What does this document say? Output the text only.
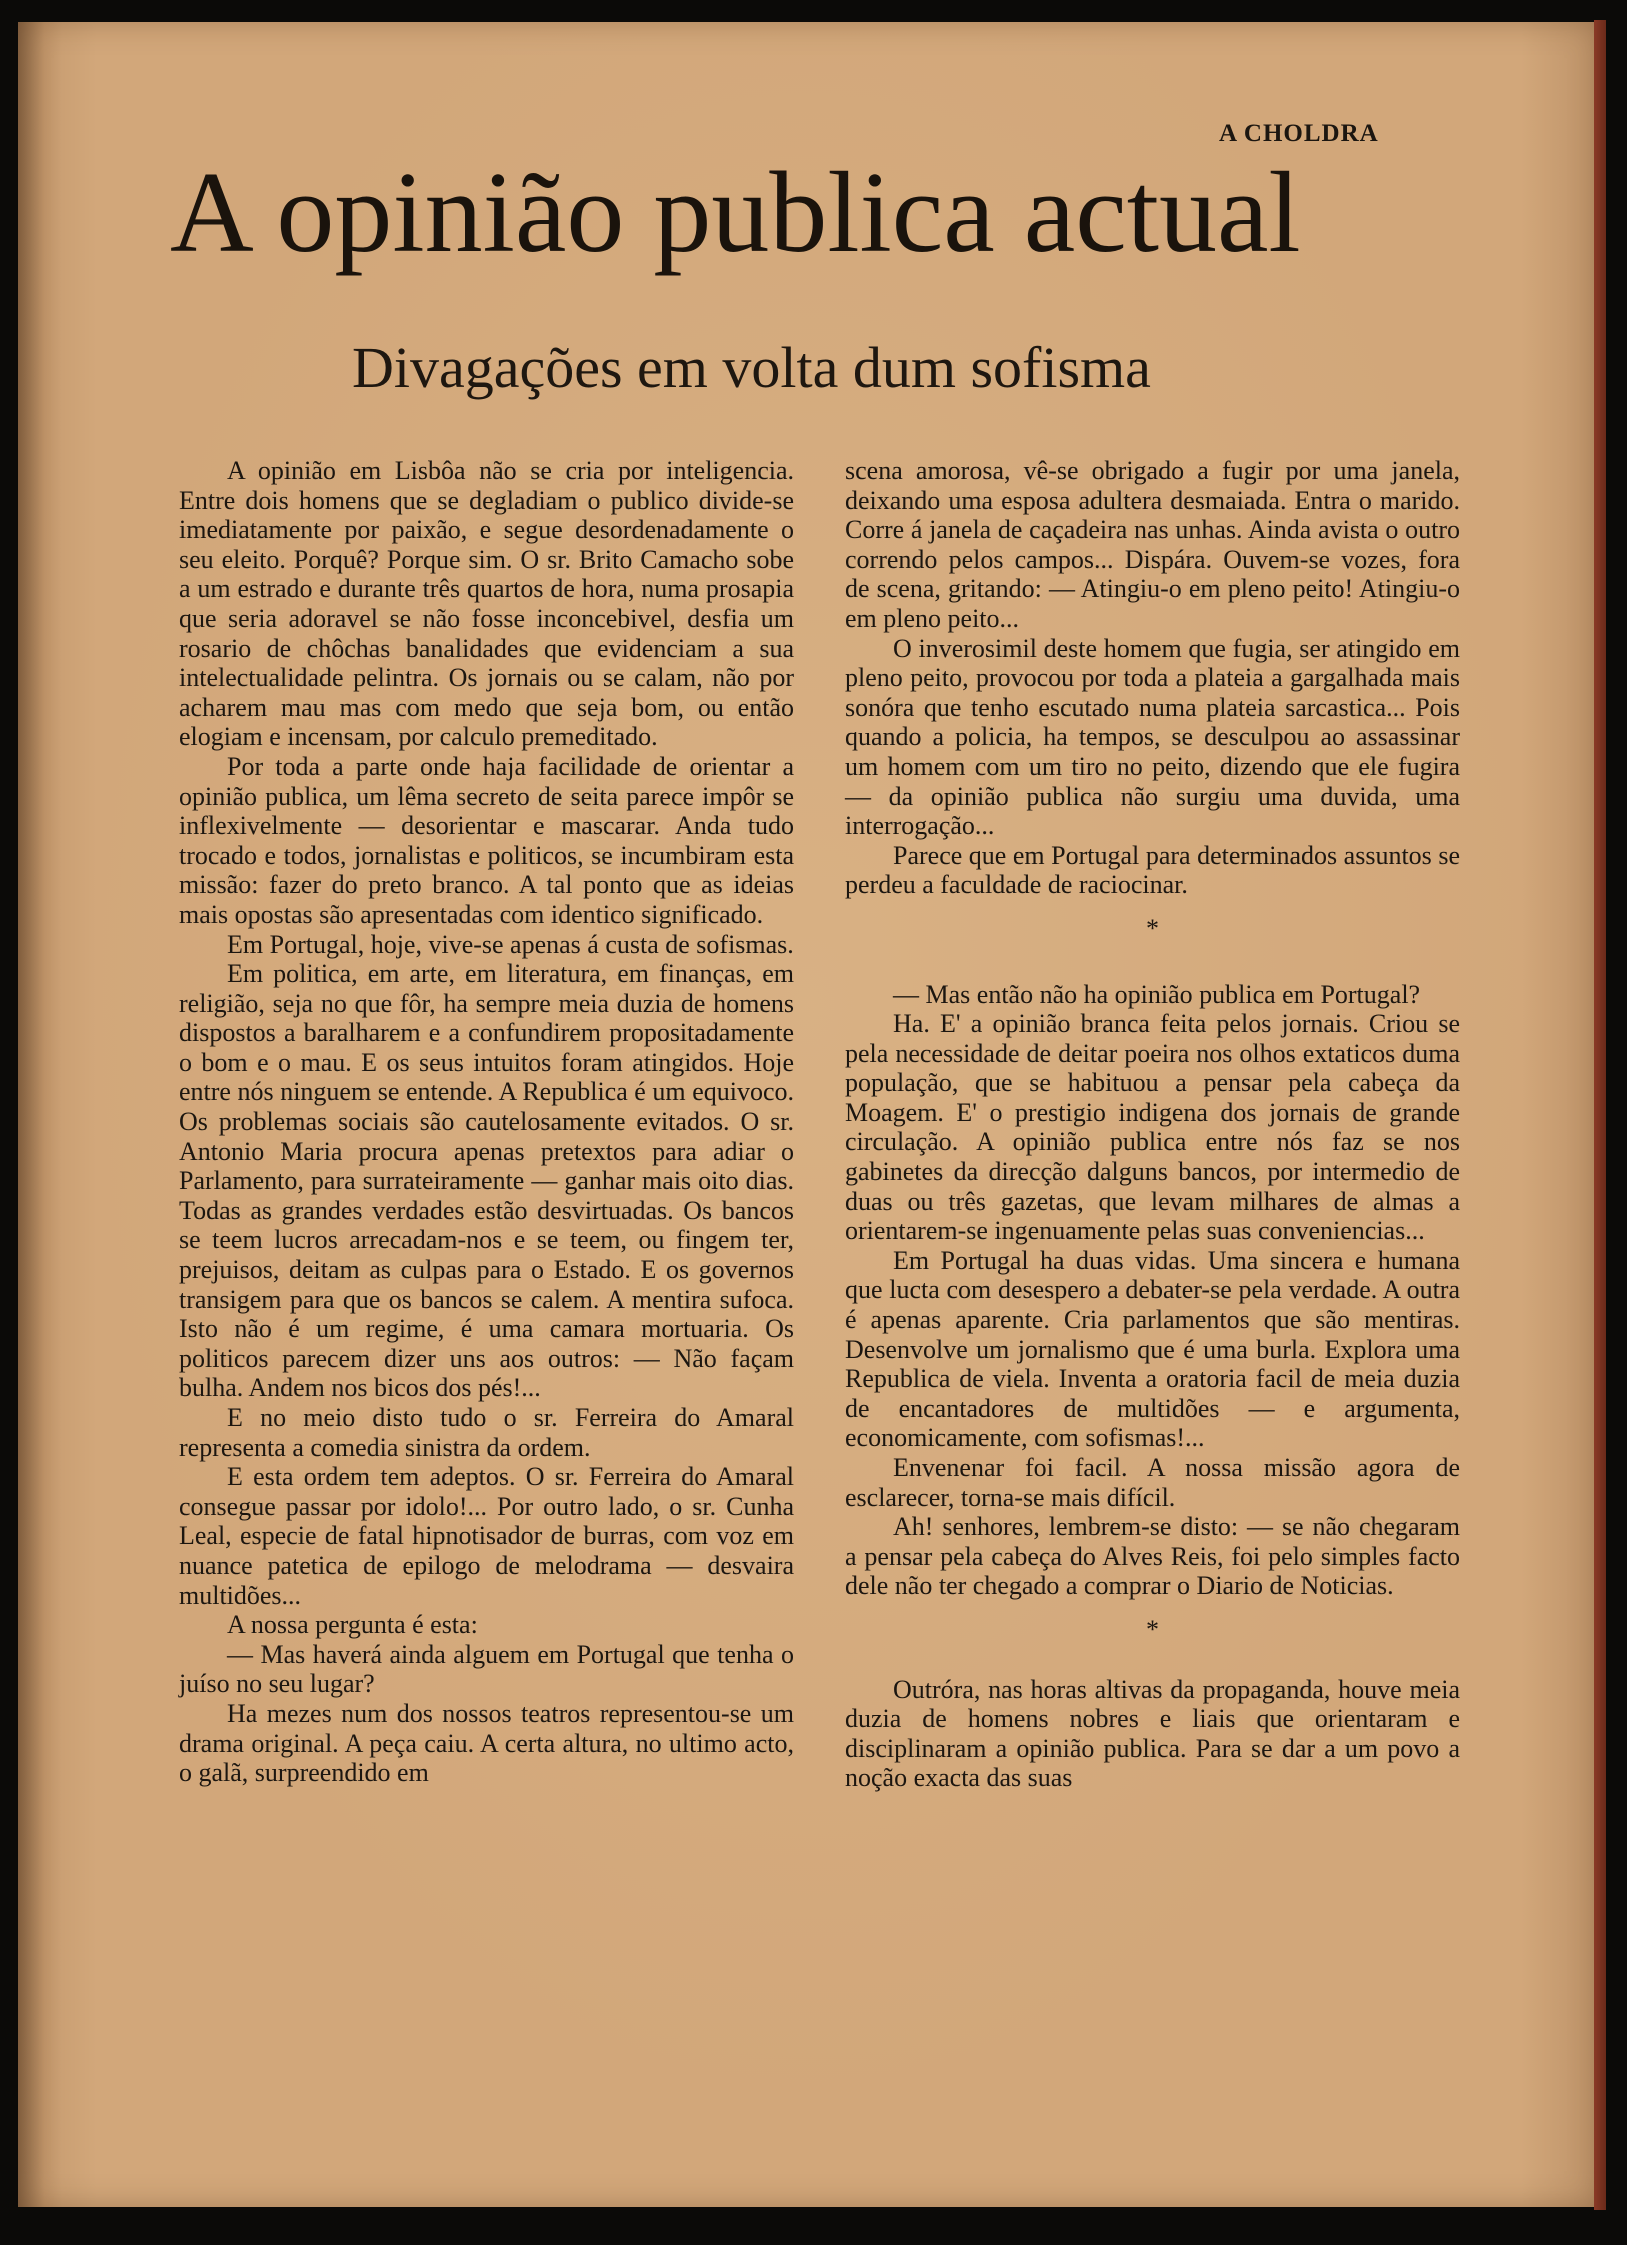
A CHOLDRA
A opinião publica actual
Divagações em volta dum sofisma

A opinião em Lisbôa não se cria por inteligencia. Entre dois homens que se degladiam o publico divide-se imediatamente por paixão, e segue desordenadamente o seu eleito. Porquê? Porque sim. O sr. Brito Camacho sobe a um estrado e durante três quartos de hora, numa prosapia que seria adoravel se não fosse inconcebivel, desfia um rosario de chôchas banalidades que evidenciam a sua intelectualidade pelintra. Os jornais ou se calam, não por acharem mau mas com medo que seja bom, ou então elogiam e incensam, por calculo premeditado.

Por toda a parte onde haja facilidade de orientar a opinião publica, um lêma secreto de seita parece impôr se inflexivelmente — desorientar e mascarar. Anda tudo trocado e todos, jornalistas e politicos, se incumbiram esta missão: fazer do preto branco. A tal ponto que as ideias mais opostas são apresentadas com identico significado.

Em Portugal, hoje, vive-se apenas á custa de sofismas.

Em politica, em arte, em literatura, em finanças, em religião, seja no que fôr, ha sempre meia duzia de homens dispostos a baralharem e a confundirem propositadamente o bom e o mau. E os seus intuitos foram atingidos. Hoje entre nós ninguem se entende. A Republica é um equivoco. Os problemas sociais são cautelosamente evitados. O sr. Antonio Maria procura apenas pretextos para adiar o Parlamento, para surrateiramente — ganhar mais oito dias. Todas as grandes verdades estão desvirtuadas. Os bancos se teem lucros arrecadam-nos e se teem, ou fingem ter, prejuisos, deitam as culpas para o Estado. E os governos transigem para que os bancos se calem. A mentira sufoca. Isto não é um regime, é uma camara mortuaria. Os politicos parecem dizer uns aos outros: — Não façam bulha. Andem nos bicos dos pés!...

E no meio disto tudo o sr. Ferreira do Amaral representa a comedia sinistra da ordem.

E esta ordem tem adeptos. O sr. Ferreira do Amaral consegue passar por idolo!... Por outro lado, o sr. Cunha Leal, especie de fatal hipnotisador de burras, com voz em nuance patetica de epilogo de melodrama — desvaira multidões...

A nossa pergunta é esta:

— Mas haverá ainda alguem em Portugal que tenha o juíso no seu lugar?

Ha mezes num dos nossos teatros representou-se um drama original. A peça caiu. A certa altura, no ultimo acto, o galã, surpreendido em

scena amorosa, vê-se obrigado a fugir por uma janela, deixando uma esposa adultera desmaiada. Entra o marido. Corre á janela de caçadeira nas unhas. Ainda avista o outro correndo pelos campos... Dispára. Ouvem-se vozes, fora de scena, gritando: — Atingiu-o em pleno peito! Atingiu-o em pleno peito...

O inverosimil deste homem que fugia, ser atingido em pleno peito, provocou por toda a plateia a gargalhada mais sonóra que tenho escutado numa plateia sarcastica... Pois quando a policia, ha tempos, se desculpou ao assassinar um homem com um tiro no peito, dizendo que ele fugira — da opinião publica não surgiu uma duvida, uma interrogação...

Parece que em Portugal para determinados assuntos se perdeu a faculdade de raciocinar.

*

— Mas então não ha opinião publica em Portugal?

Ha. E' a opinião branca feita pelos jornais. Criou se pela necessidade de deitar poeira nos olhos extaticos duma população, que se habituou a pensar pela cabeça da Moagem. E' o prestigio indigena dos jornais de grande circulação. A opinião publica entre nós faz se nos gabinetes da direcção dalguns bancos, por intermedio de duas ou três gazetas, que levam milhares de almas a orientarem-se ingenuamente pelas suas conveniencias...

Em Portugal ha duas vidas. Uma sincera e humana que lucta com desespero a debater-se pela verdade. A outra é apenas aparente. Cria parlamentos que são mentiras. Desenvolve um jornalismo que é uma burla. Explora uma Republica de viela. Inventa a oratoria facil de meia duzia de encantadores de multidões — e argumenta, economicamente, com sofismas!...

Envenenar foi facil. A nossa missão agora de esclarecer, torna-se mais difícil.

Ah! senhores, lembrem-se disto: — se não chegaram a pensar pela cabeça do Alves Reis, foi pelo simples facto dele não ter chegado a comprar o Diario de Noticias.

*

Outróra, nas horas altivas da propaganda, houve meia duzia de homens nobres e liais que orientaram e disciplinaram a opinião publica. Para se dar a um povo a noção exacta das suas
